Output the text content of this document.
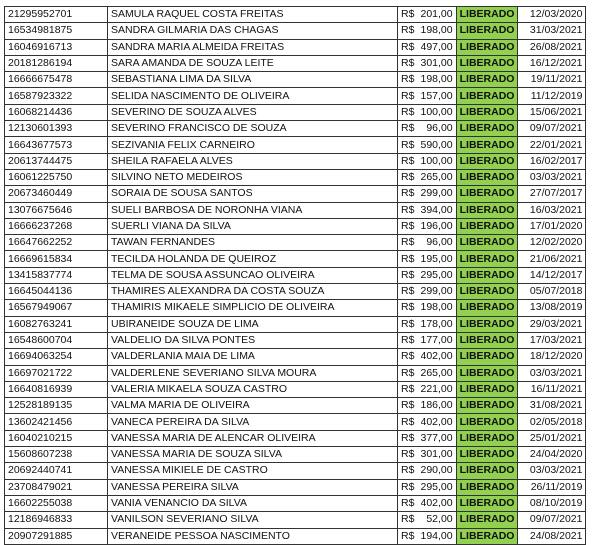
21295952701	SAMULA RAQUEL COSTA FREITAS	R$	201,00	LIBERADO	12/03/2020
16534981875	SANDRA GILMARIA DAS CHAGAS	R$	198,00	LIBERADO	31/03/2021
16046916713	SANDRA MARIA ALMEIDA FREITAS	R$	497,00	LIBERADO	26/08/2021
20181286194	SARA AMANDA DE SOUZA LEITE	R$	301,00	LIBERADO	16/12/2021
16666675478	SEBASTIANA LIMA DA SILVA	R$	198,00	LIBERADO	19/11/2021
16587923322	SELIDA NASCIMENTO DE OLIVEIRA	R$	157,00	LIBERADO	11/12/2019
16068214436	SEVERINO DE SOUZA ALVES	R$	100,00	LIBERADO	15/06/2021
12130601393	SEVERINO FRANCISCO DE SOUZA	R$	96,00	LIBERADO	09/07/2021
16643677573	SEZIVANIA FELIX CARNEIRO	R$	590,00	LIBERADO	22/01/2021
20613744475	SHEILA RAFAELA ALVES	R$	100,00	LIBERADO	16/02/2017
16061225750	SILVINO NETO MEDEIROS	R$	265,00	LIBERADO	03/03/2021
20673460449	SORAIA DE SOUSA SANTOS	R$	299,00	LIBERADO	27/07/2017
13076675646	SUELI BARBOSA DE NORONHA VIANA	R$	394,00	LIBERADO	16/03/2021
16666237268	SUERLI VIANA DA SILVA	R$	196,00	LIBERADO	17/01/2020
16647662252	TAWAN FERNANDES	R$	96,00	LIBERADO	12/02/2020
16669615834	TECILDA HOLANDA DE QUEIROZ	R$	195,00	LIBERADO	21/06/2021
13415837774	TELMA DE SOUSA ASSUNCAO OLIVEIRA	R$	295,00	LIBERADO	14/12/2017
16645044136	THAMIRES ALEXANDRA DA COSTA SOUZA	R$	299,00	LIBERADO	05/07/2018
16567949067	THAMIRIS MIKAELE SIMPLICIO DE OLIVEIRA	R$	198,00	LIBERADO	13/08/2019
16082763241	UBIRANEIDE SOUZA DE LIMA	R$	178,00	LIBERADO	29/03/2021
16548600704	VALDELIO DA SILVA PONTES	R$	177,00	LIBERADO	17/03/2021
16694063254	VALDERLANIA MAIA DE LIMA	R$	402,00	LIBERADO	18/12/2020
16697021722	VALDERLENE SEVERIANO SILVA MOURA	R$	265,00	LIBERADO	03/03/2021
16640816939	VALERIA MIKAELA SOUZA CASTRO	R$	221,00	LIBERADO	16/11/2021
12528189135	VALMA MARIA DE OLIVEIRA	R$	186,00	LIBERADO	31/08/2021
13602421456	VANECA PEREIRA DA SILVA	R$	402,00	LIBERADO	02/05/2018
16040210215	VANESSA MARIA DE ALENCAR OLIVEIRA	R$	377,00	LIBERADO	25/01/2021
15608607238	VANESSA MARIA DE SOUZA SILVA	R$	301,00	LIBERADO	24/04/2020
20692440741	VANESSA MIKIELE DE CASTRO	R$	290,00	LIBERADO	03/03/2021
23708479021	VANESSA PEREIRA SILVA	R$	295,00	LIBERADO	26/11/2019
16602255038	VANIA VENANCIO DA SILVA	R$	402,00	LIBERADO	08/10/2019
12186946833	VANILSON SEVERIANO SILVA	R$	52,00	LIBERADO	09/07/2021
20907291885	VERANEIDE PESSOA NASCIMENTO	R$	194,00	LIBERADO	24/08/2021
